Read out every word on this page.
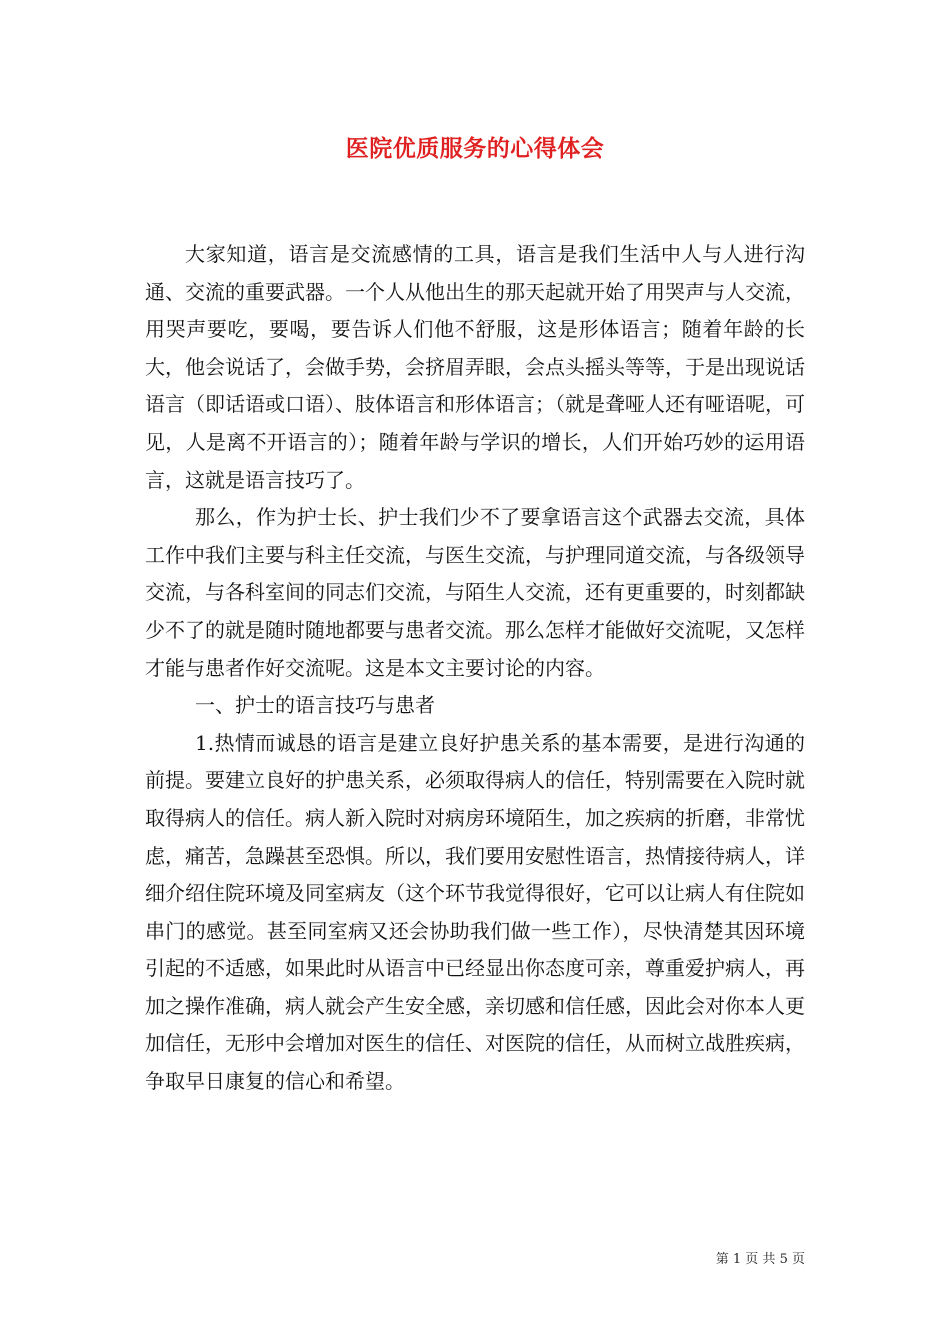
医院优质服务的心得体会

大家知道，语言是交流感情的工具，语言是我们生活中人与人进行沟通、交流的重要武器。一个人从他出生的那天起就开始了用哭声与人交流，用哭声要吃，要喝，要告诉人们他不舒服，这是形体语言；随着年龄的长大，他会说话了，会做手势，会挤眉弄眼，会点头摇头等等，于是出现说话语言（即话语或口语）、肢体语言和形体语言；（就是聋哑人还有哑语呢，可见，人是离不开语言的）；随着年龄与学识的增长，人们开始巧妙的运用语言，这就是语言技巧了。

那么，作为护士长、护士我们少不了要拿语言这个武器去交流，具体工作中我们主要与科主任交流，与医生交流，与护理同道交流，与各级领导交流，与各科室间的同志们交流，与陌生人交流，还有更重要的，时刻都缺少不了的就是随时随地都要与患者交流。那么怎样才能做好交流呢，又怎样才能与患者作好交流呢。这是本文主要讨论的内容。

一、护士的语言技巧与患者

1.热情而诚恳的语言是建立良好护患关系的基本需要，是进行沟通的前提。要建立良好的护患关系，必须取得病人的信任，特别需要在入院时就取得病人的信任。病人新入院时对病房环境陌生，加之疾病的折磨，非常忧虑，痛苦，急躁甚至恐惧。所以，我们要用安慰性语言，热情接待病人，详细介绍住院环境及同室病友（这个环节我觉得很好，它可以让病人有住院如串门的感觉。甚至同室病又还会协助我们做一些工作），尽快清楚其因环境引起的不适感，如果此时从语言中已经显出你态度可亲，尊重爱护病人，再加之操作准确，病人就会产生安全感，亲切感和信任感，因此会对你本人更加信任，无形中会增加对医生的信任、对医院的信任，从而树立战胜疾病，争取早日康复的信心和希望。

第 1 页 共 5 页
